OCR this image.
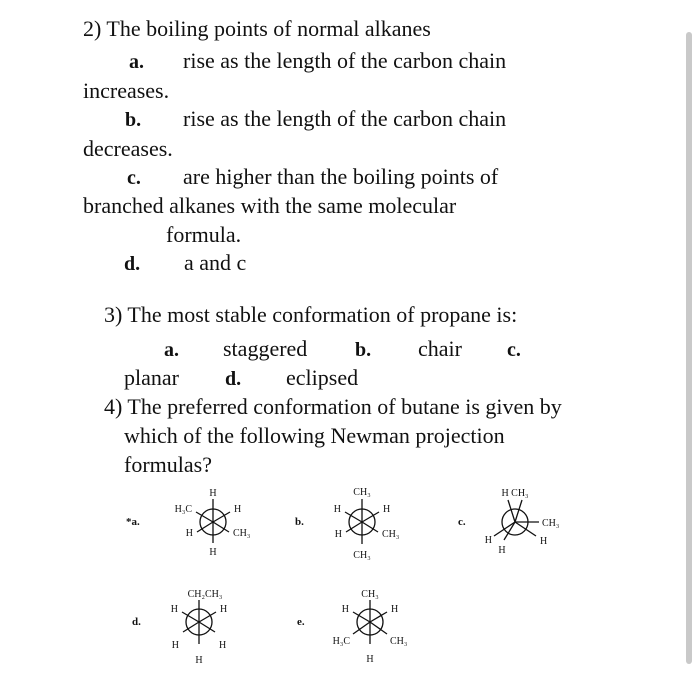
2) The boiling points of normal alkanes
a. rise as the length of the carbon chain
increases.
b. rise as the length of the carbon chain
decreases.
c. are higher than the boiling points of
branched alkanes with the same molecular
formula.
d. a and c
3) The most stable conformation of propane is:
a. staggered b. chair c.
planar d. eclipsed
4) The preferred conformation of butane is given by
which of the following Newman projection
formulas?
*a.
H
H₃C	H
H	CH₃
H
b.
CH₃
H	H
H	CH₃
CH₃
c.
H CH₃
H
CH₃
H
H
d.
CH₂CH₃
H	H
H	H
H
e.
CH₃
H	H
H₃C	CH₃
H
